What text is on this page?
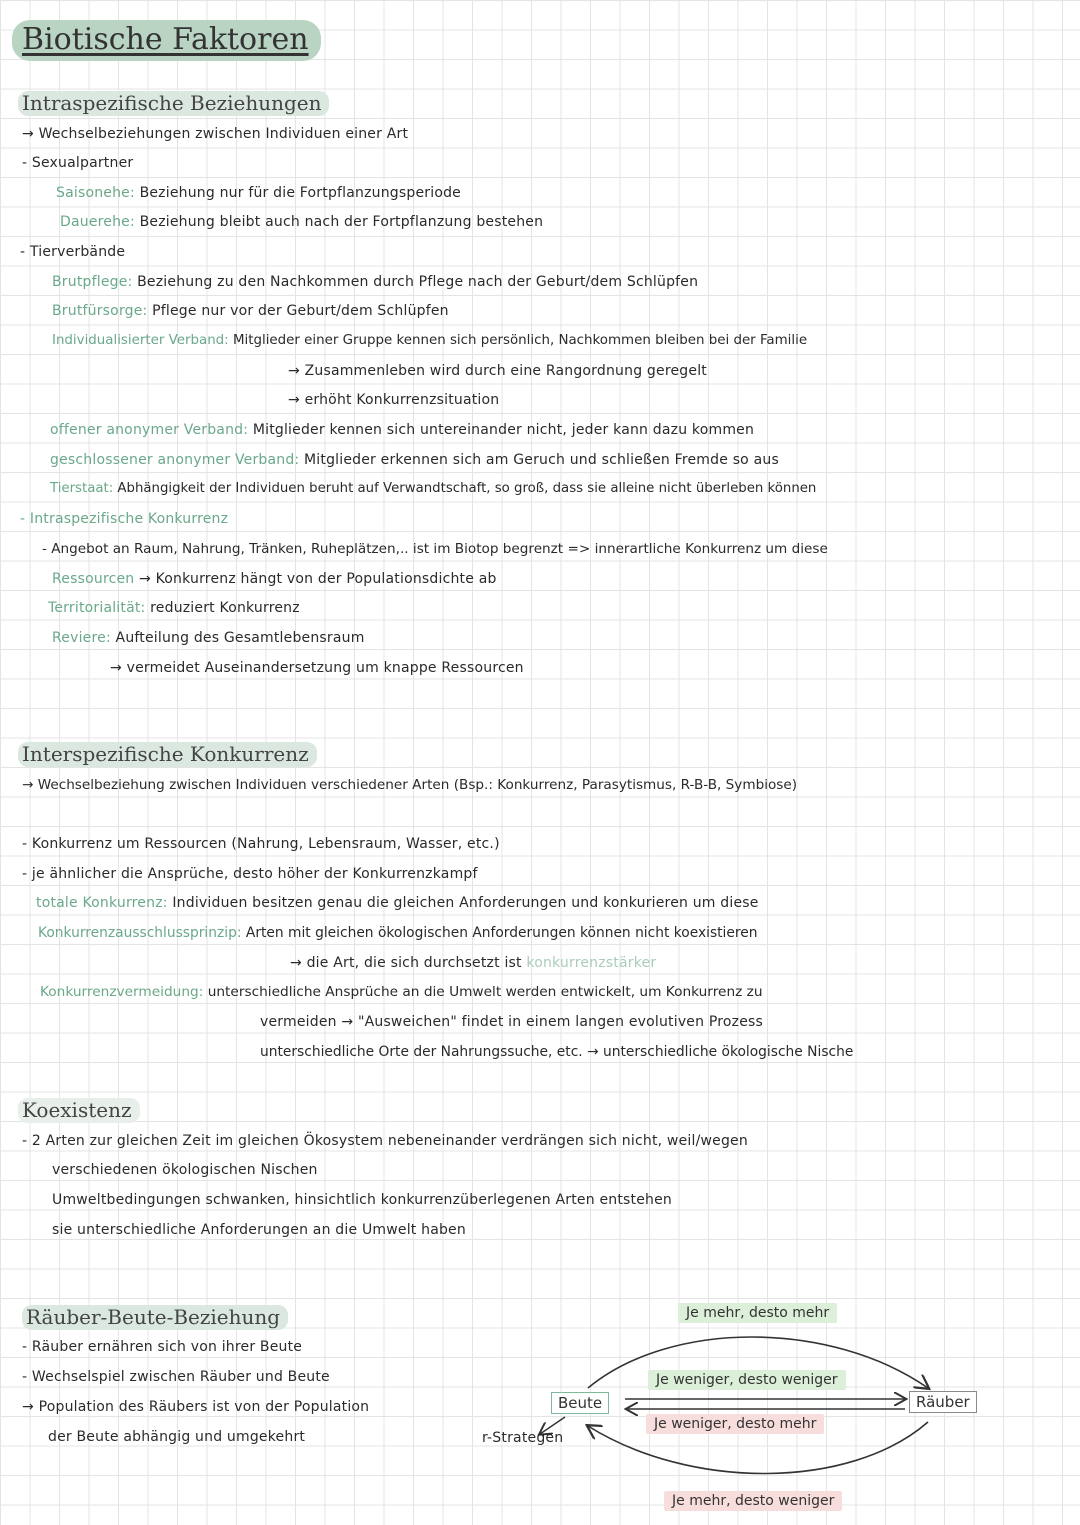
Biotische Faktoren
Intraspezifische Beziehungen
→ Wechselbeziehungen zwischen Individuen einer Art
- Sexualpartner
Saisonehe: Beziehung nur für die Fortpflanzungsperiode
Dauerehe: Beziehung bleibt auch nach der Fortpflanzung bestehen
- Tierverbände
Brutpflege: Beziehung zu den Nachkommen durch Pflege nach der Geburt/dem Schlüpfen
Brutfürsorge: Pflege nur vor der Geburt/dem Schlüpfen
Individualisierter Verband: Mitglieder einer Gruppe kennen sich persönlich, Nachkommen bleiben bei der Familie
→ Zusammenleben wird durch eine Rangordnung geregelt
→ erhöht Konkurrenzsituation
offener anonymer Verband: Mitglieder kennen sich untereinander nicht, jeder kann dazu kommen
geschlossener anonymer Verband: Mitglieder erkennen sich am Geruch und schließen Fremde so aus
Tierstaat: Abhängigkeit der Individuen beruht auf Verwandtschaft, so groß, dass sie alleine nicht überleben können
- Intraspezifische Konkurrenz
- Angebot an Raum, Nahrung, Tränken, Ruheplätzen,.. ist im Biotop begrenzt => innerartliche Konkurrenz um diese
Ressourcen → Konkurrenz hängt von der Populationsdichte ab
Territorialität: reduziert Konkurrenz
Reviere: Aufteilung des Gesamtlebensraum
→ vermeidet Auseinandersetzung um knappe Ressourcen
Interspezifische Konkurrenz
→ Wechselbeziehung zwischen Individuen verschiedener Arten (Bsp.: Konkurrenz, Parasytismus, R-B-B, Symbiose)
- Konkurrenz um Ressourcen (Nahrung, Lebensraum, Wasser, etc.)
- je ähnlicher die Ansprüche, desto höher der Konkurrenzkampf
totale Konkurrenz: Individuen besitzen genau die gleichen Anforderungen und konkurieren um diese
Konkurrenzausschlussprinzip: Arten mit gleichen ökologischen Anforderungen können nicht koexistieren
→ die Art, die sich durchsetzt ist konkurrenzstärker
Konkurrenzvermeidung: unterschiedliche Ansprüche an die Umwelt werden entwickelt, um Konkurrenz zu
vermeiden → "Ausweichen" findet in einem langen evolutiven Prozess
unterschiedliche Orte der Nahrungssuche, etc. → unterschiedliche ökologische Nische
Koexistenz
- 2 Arten zur gleichen Zeit im gleichen Ökosystem nebeneinander verdrängen sich nicht, weil/wegen
verschiedenen ökologischen Nischen
Umweltbedingungen schwanken, hinsichtlich konkurrenzüberlegenen Arten entstehen
sie unterschiedliche Anforderungen an die Umwelt haben
Räuber-Beute-Beziehung
- Räuber ernähren sich von ihrer Beute
- Wechselspiel zwischen Räuber und Beute
→ Population des Räubers ist von der Population
der Beute abhängig und umgekehrt
Beute	Räuber
r-Strategen
Je mehr, desto mehr
Je weniger, desto weniger
Je weniger, desto mehr
Je mehr, desto weniger
